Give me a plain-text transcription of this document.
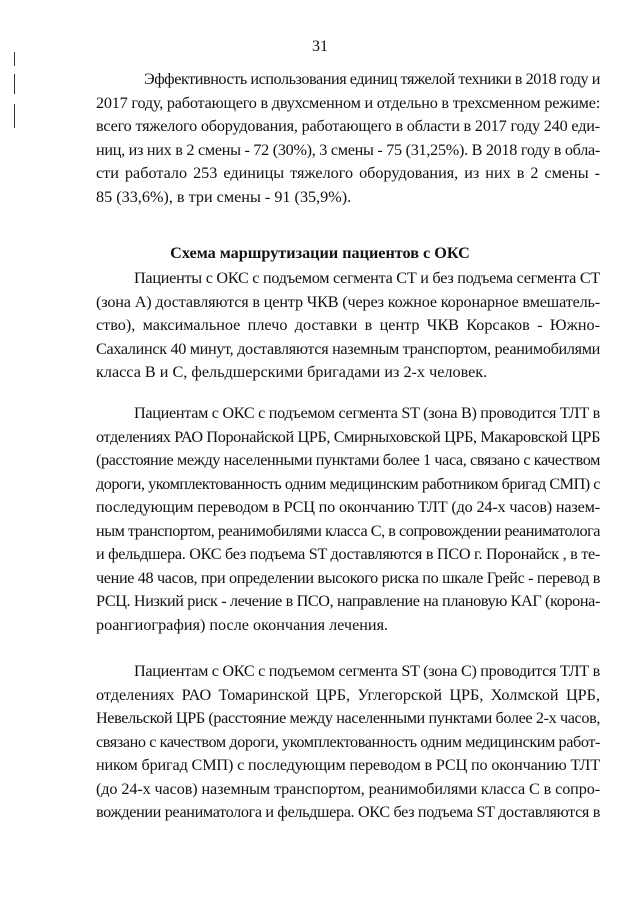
31
Эффективность использования единиц тяжелой техники в 2018 году и
2017 году, работающего в двухсменном и отдельно в трехсменном режиме:
всего тяжелого оборудования, работающего в области в 2017 году 240 еди-
ниц, из них в 2 смены - 72 (30%), 3 смены - 75 (31,25%). В 2018 году в обла-
сти работало 253 единицы тяжелого оборудования, из них в 2 смены -
85 (33,6%), в три смены - 91 (35,9%).
Схема маршрутизации пациентов с ОКС
Пациенты с ОКС с подъемом сегмента СТ и без подъема сегмента СТ
(зона А) доставляются в центр ЧКВ (через кожное коронарное вмешатель-
ство), максимальное плечо доставки в центр ЧКВ Корсаков - Южно-
Сахалинск 40 минут, доставляются наземным транспортом, реанимобилями
класса В и С, фельдшерскими бригадами из 2-х человек.
Пациентам с ОКС с подъемом сегмента ST (зона В) проводится ТЛТ в
отделениях РАО Поронайской ЦРБ, Смирныховской ЦРБ, Макаровской ЦРБ
(расстояние между населенными пунктами более 1 часа, связано с качеством
дороги, укомплектованность одним медицинским работником бригад СМП) с
последующим переводом в РСЦ по окончанию ТЛТ (до 24-х часов) назем-
ным транспортом, реанимобилями класса С, в сопровождении реаниматолога
и фельдшера. ОКС без подъема ST доставляются в ПСО г. Поронайск , в те-
чение 48 часов, при определении высокого риска по шкале Грейс - перевод в
РСЦ. Низкий риск - лечение в ПСО, направление на плановую КАГ (корона-
роангиография) после окончания лечения.
Пациентам с ОКС с подъемом сегмента ST (зона С) проводится ТЛТ в
отделениях РАО Томаринской ЦРБ, Углегорской ЦРБ, Холмской ЦРБ,
Невельской ЦРБ (расстояние между населенными пунктами более 2-х часов,
связано с качеством дороги, укомплектованность одним медицинским работ-
ником бригад СМП) с последующим переводом в РСЦ по окончанию ТЛТ
(до 24-х часов) наземным транспортом, реанимобилями класса С в сопро-
вождении реаниматолога и фельдшера. ОКС без подъема ST доставляются в
